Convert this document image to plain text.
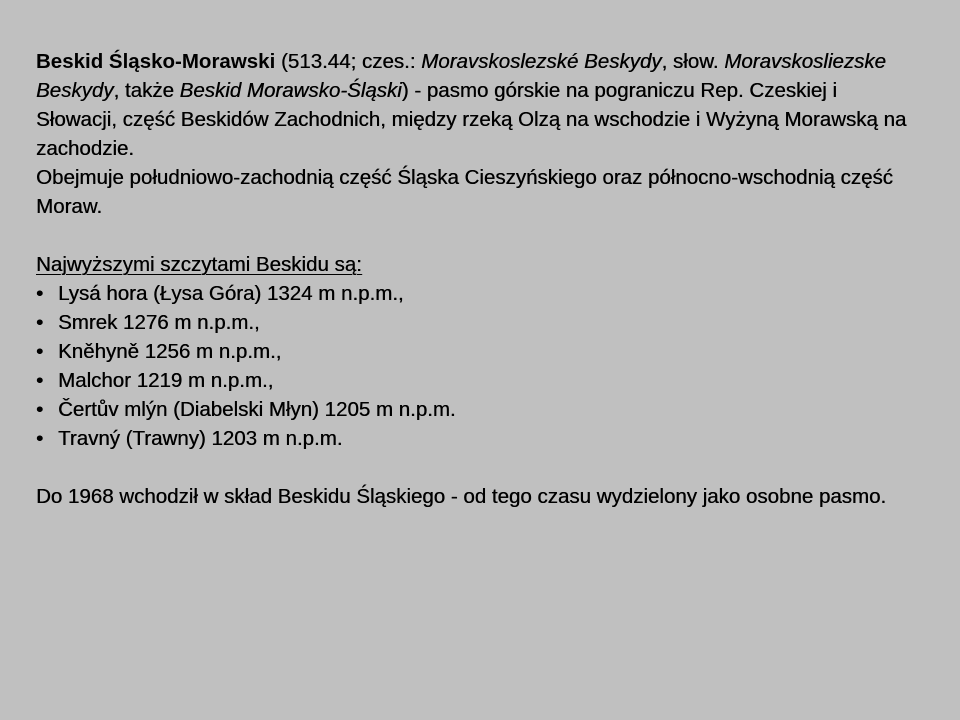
Beskid Śląsko-Morawski (513.44; czes.: Moravskoslezské Beskydy, słow. Moravskosliezske Beskydy, także Beskid Morawsko-Śląski) - pasmo górskie na pograniczu Rep. Czeskiej i Słowacji, część Beskidów Zachodnich, między rzeką Olzą na wschodzie i Wyżyną Morawską na zachodzie.

Obejmuje południowo-zachodnią część Śląska Cieszyńskiego oraz północno-wschodnią część Moraw.

Najwyższymi szczytami Beskidu są:

• Lysá hora (Łysa Góra) 1324 m n.p.m.,
• Smrek 1276 m n.p.m.,
• Kněhyně 1256 m n.p.m.,
• Malchor 1219 m n.p.m.,
• Čertův mlýn (Diabelski Młyn) 1205 m n.p.m.
• Travný (Trawny) 1203 m n.p.m.

Do 1968 wchodził w skład Beskidu Śląskiego - od tego czasu wydzielony jako osobne pasmo.
